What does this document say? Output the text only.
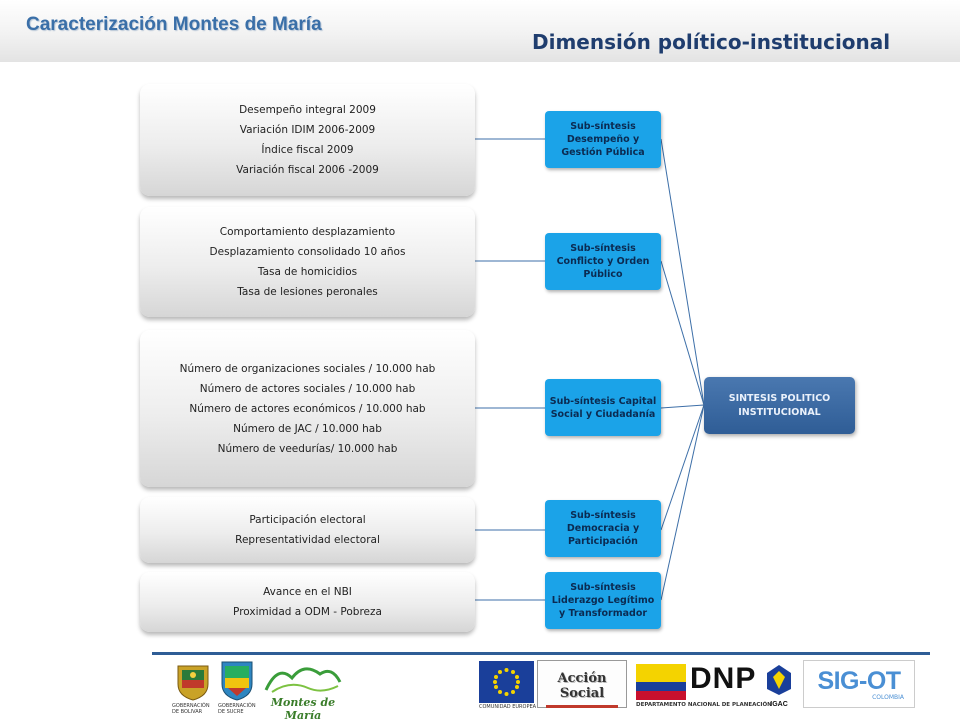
Caracterización Montes de María
Dimensión político-institucional
Desempeño integral 2009
Variación IDIM 2006-2009
Índice fiscal 2009
Variación fiscal 2006 -2009
Comportamiento desplazamiento
Desplazamiento consolidado 10 años
Tasa de homicidios
Tasa de lesiones peronales
Número de organizaciones sociales / 10.000 hab
Número de actores sociales / 10.000 hab
Número de actores económicos / 10.000 hab
Número de JAC / 10.000 hab
Número de veedurías/ 10.000 hab
Participación electoral
Representatividad electoral
Avance en el NBI
Proximidad a ODM - Pobreza
Sub-síntesis Desempeño y Gestión Pública
Sub-síntesis Conflicto y Orden Público
Sub-síntesis Capital Social y Ciudadanía
Sub-síntesis Democracia y Participación
Sub-síntesis Liderazgo Legítimo y Transformador
SINTESIS POLITICO INSTITUCIONAL
GOBERNACIÓN DE BOLIVAR
GOBERNACIÓN DE SUCRE
Montes de María
COMUNIDAD EUROPEA
Acción Social	DNP
DEPARTAMENTO NACIONAL DE PLANEACIÓN
IGAC
SIG-OT
COLOMBIA
